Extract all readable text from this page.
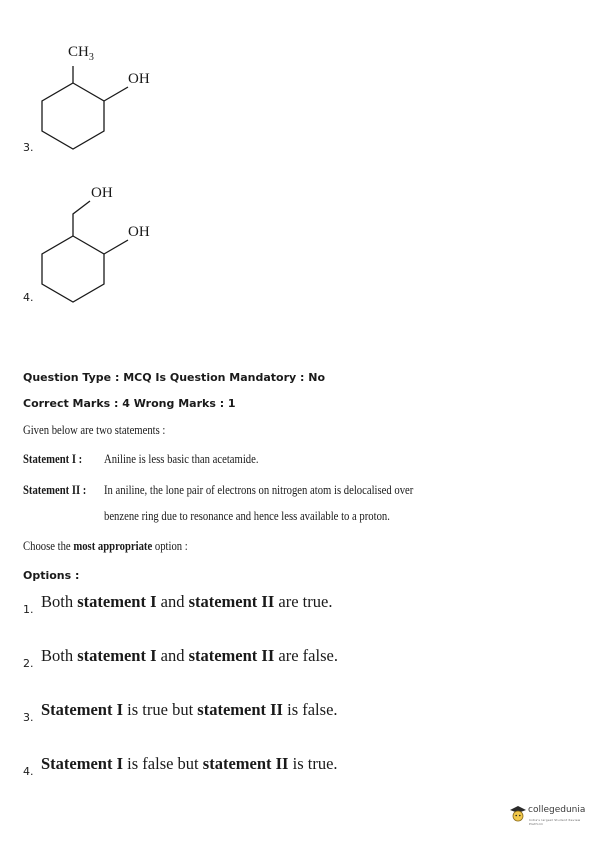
$CH_3$
OH
3.
OH
OH
4.
Question Type : MCQ Is Question Mandatory : No
Correct Marks : 4 Wrong Marks : 1
Given below are two statements :
Statement I : Aniline is less basic than acetamide.
Statement II : In aniline, the lone pair of electrons on nitrogen atom is delocalised over
benzene ring due to resonance and hence less available to a proton.
Choose the most appropriate option :
Options :
1. Both statement I and statement II are true.
2. Both statement I and statement II are false.
3. Statement I is true but statement II is false.
4. Statement I is false but statement II is true.
collegedunia
India's largest Student Review Platform
